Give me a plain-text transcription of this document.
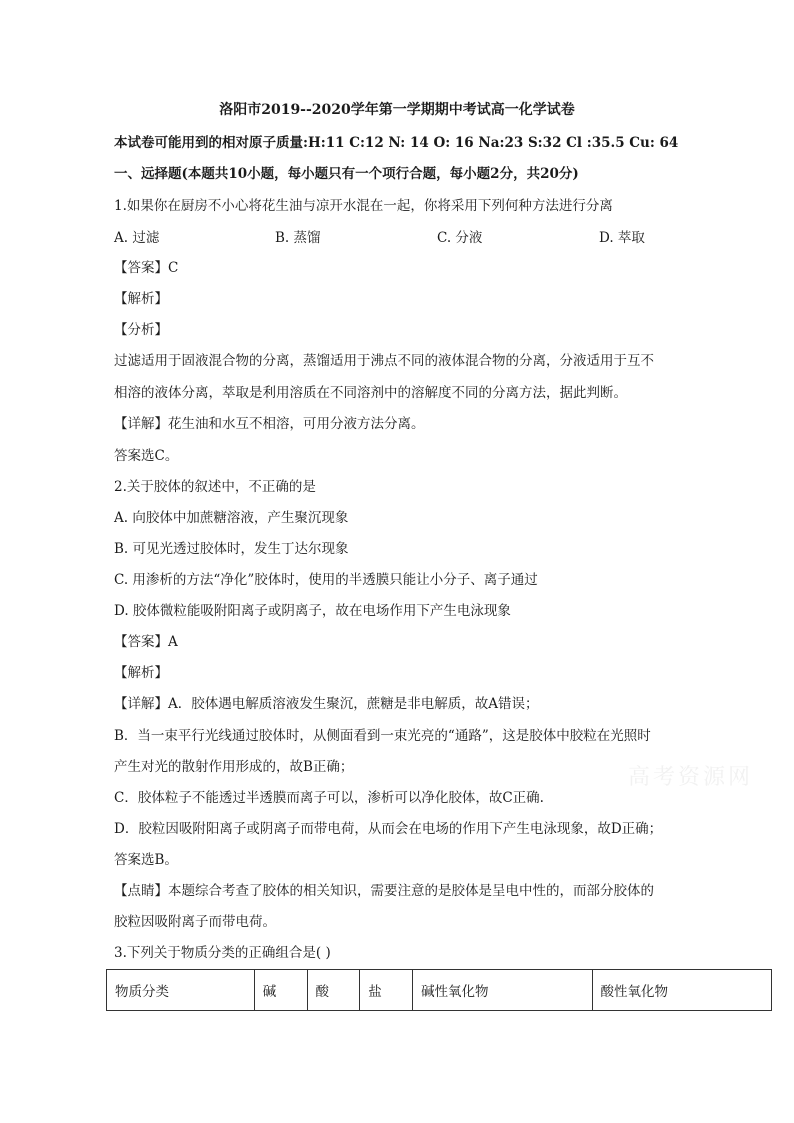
洛阳市2019--2020学年第一学期期中考试高一化学试卷
本试卷可能用到的相对原子质量:H:11 C:12 N: 14 O: 16 Na:23 S:32 Cl :35.5 Cu: 64
一、远择题(本题共10小题，每小题只有一个项行合题，每小题2分，共20分)
1.如果你在厨房不小心将花生油与凉开水混在一起，你将采用下列何种方法进行分离
A. 过滤	B. 蒸馏	C. 分液	D. 萃取
【答案】C
【解析】
【分析】
过滤适用于固液混合物的分离，蒸馏适用于沸点不同的液体混合物的分离，分液适用于互不
相溶的液体分离，萃取是利用溶质在不同溶剂中的溶解度不同的分离方法，据此判断。
【详解】花生油和水互不相溶，可用分液方法分离。
答案选C。
2.关于胶体的叙述中，不正确的是
A. 向胶体中加蔗糖溶液，产生聚沉现象
B. 可见光透过胶体时，发生丁达尔现象
C. 用渗析的方法“净化”胶体时，使用的半透膜只能让小分子、离子通过
D. 胶体微粒能吸附阳离子或阴离子，故在电场作用下产生电泳现象
【答案】A
【解析】
【详解】A．胶体遇电解质溶液发生聚沉，蔗糖是非电解质，故A错误；
B．当一束平行光线通过胶体时，从侧面看到一束光亮的“通路”，这是胶体中胶粒在光照时
产生对光的散射作用形成的，故B正确；
C．胶体粒子不能透过半透膜而离子可以，渗析可以净化胶体，故C正确.
D．胶粒因吸附阳离子或阴离子而带电荷，从而会在电场的作用下产生电泳现象，故D正确；
答案选B。
【点睛】本题综合考查了胶体的相关知识，需要注意的是胶体是呈电中性的，而部分胶体的
胶粒因吸附离子而带电荷。
3.下列关于物质分类的正确组合是( )
物质分类	碱	酸	盐	碱性氧化物	酸性氧化物
高考资源网
